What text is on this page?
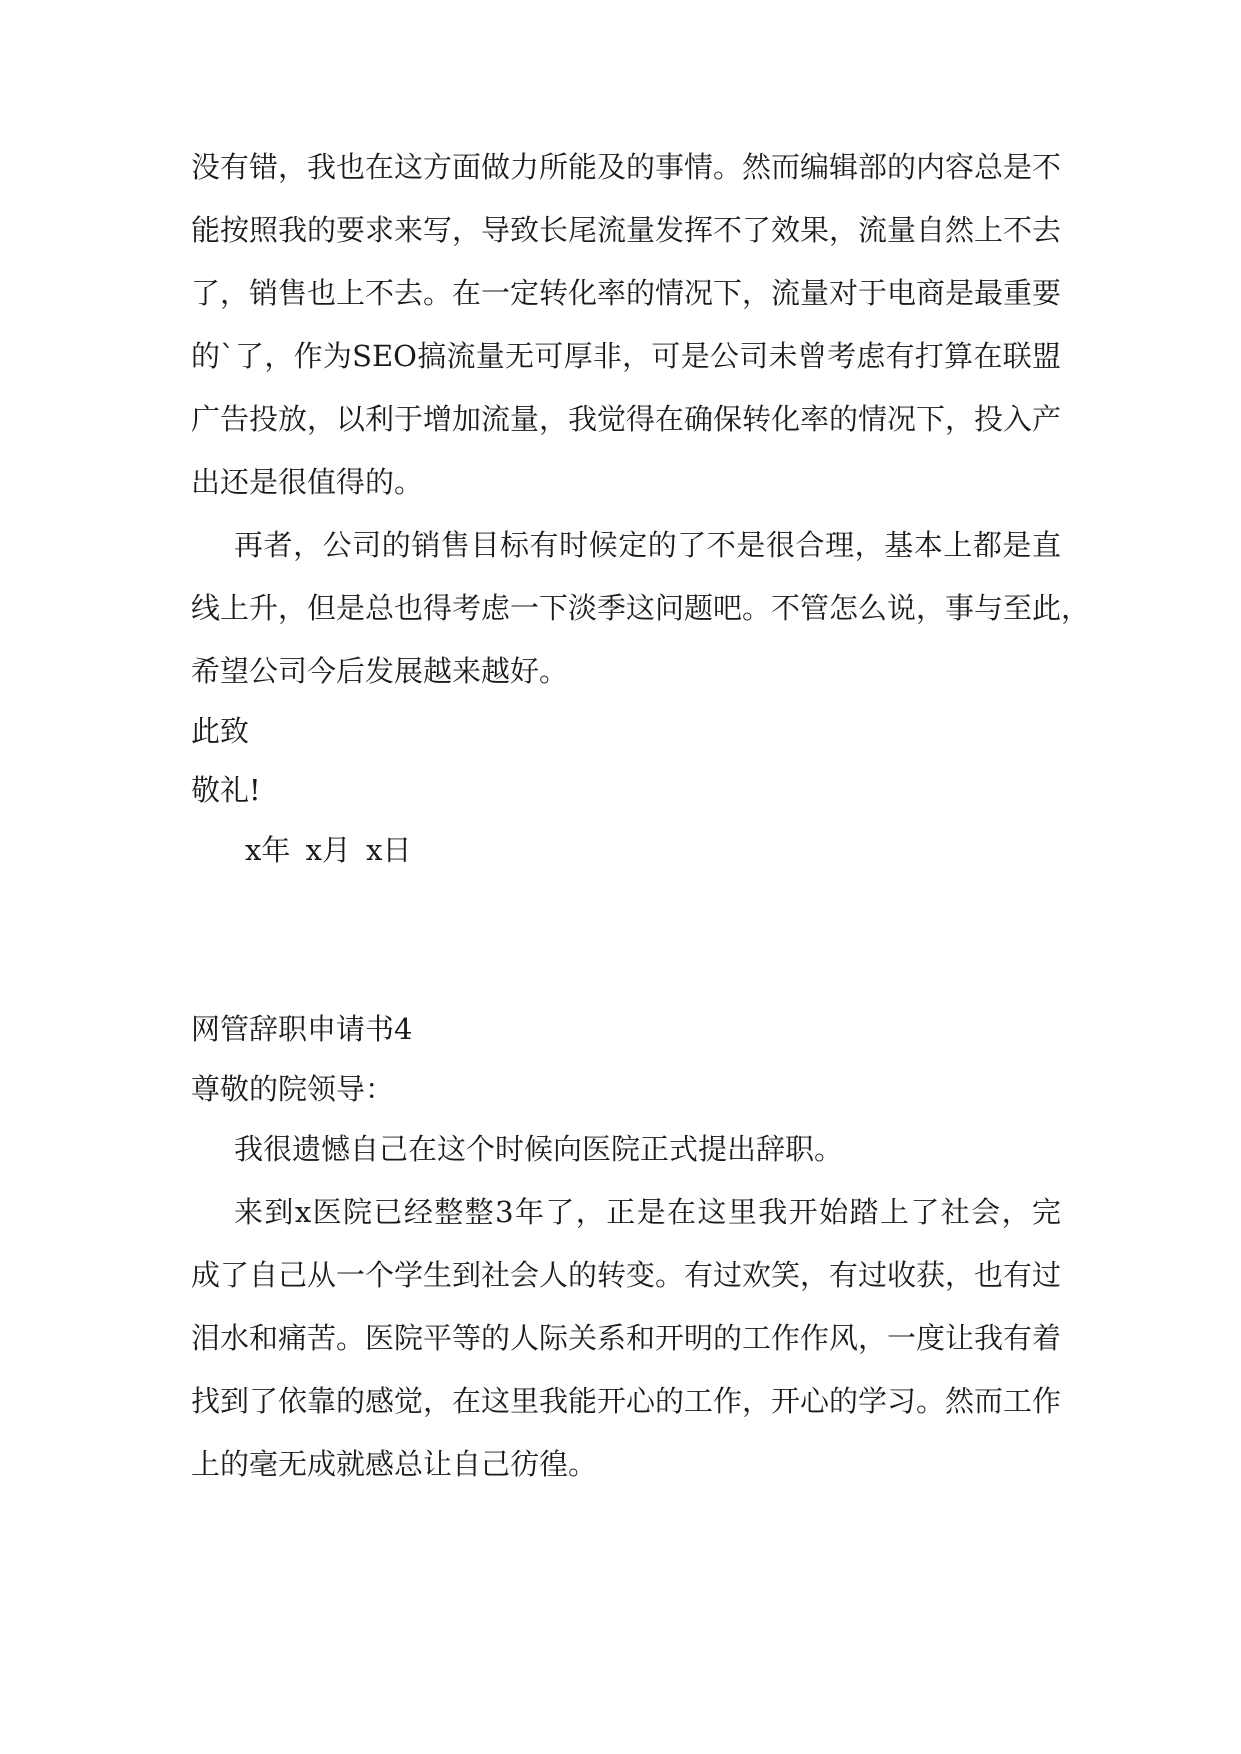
没有错，我也在这方面做力所能及的事情。然而编辑部的内容总是不
能按照我的要求来写，导致长尾流量发挥不了效果，流量自然上不去
了，销售也上不去。在一定转化率的情况下，流量对于电商是最重要
的`了，作为SEO搞流量无可厚非，可是公司未曾考虑有打算在联盟
广告投放，以利于增加流量，我觉得在确保转化率的情况下，投入产
出还是很值得的。
再者，公司的销售目标有时候定的了不是很合理，基本上都是直
线上升，但是总也得考虑一下淡季这问题吧。不管怎么说，事与至此，
希望公司今后发展越来越好。
此致
敬礼!
x年 x月 x日
网管辞职申请书4
尊敬的院领导：
我很遗憾自己在这个时候向医院正式提出辞职。
来到x医院已经整整3年了，正是在这里我开始踏上了社会，完
成了自己从一个学生到社会人的转变。有过欢笑，有过收获，也有过
泪水和痛苦。医院平等的人际关系和开明的工作作风，一度让我有着
找到了依靠的感觉，在这里我能开心的工作，开心的学习。然而工作
上的毫无成就感总让自己彷徨。
